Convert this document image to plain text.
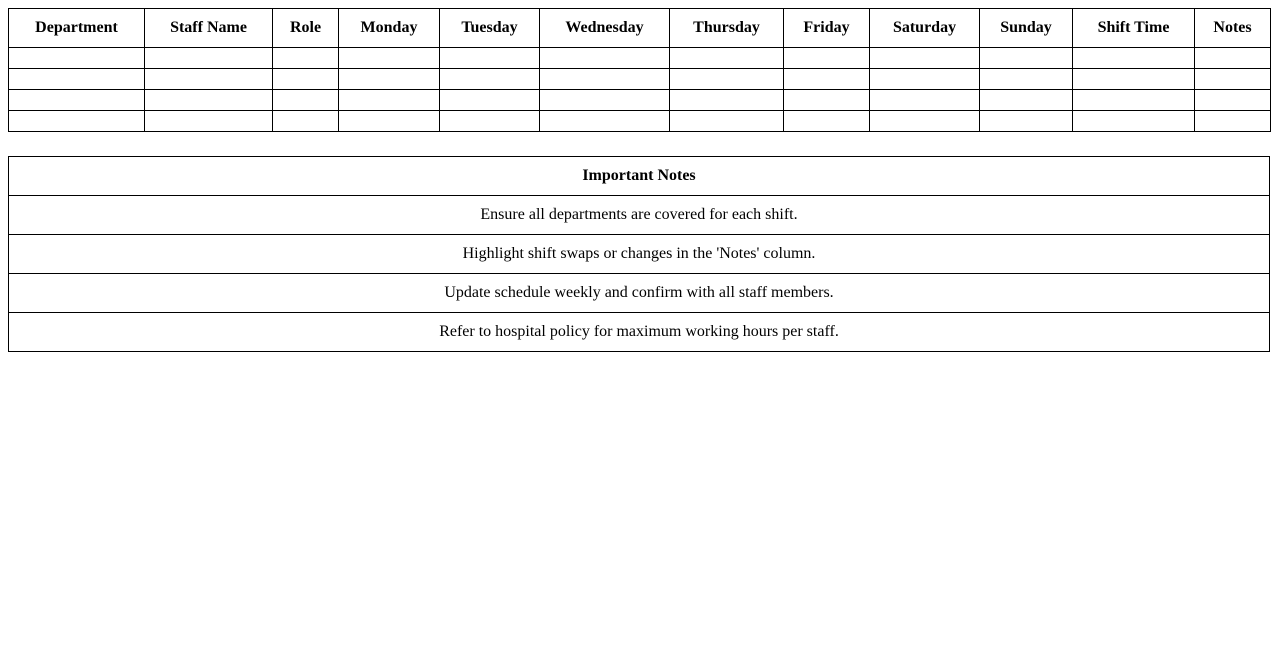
Department	Staff Name	Role	Monday	Tuesday	Wednesday	Thursday	Friday	Saturday	Sunday	Shift Time	Notes

Important Notes
Ensure all departments are covered for each shift.
Highlight shift swaps or changes in the 'Notes' column.
Update schedule weekly and confirm with all staff members.
Refer to hospital policy for maximum working hours per staff.
